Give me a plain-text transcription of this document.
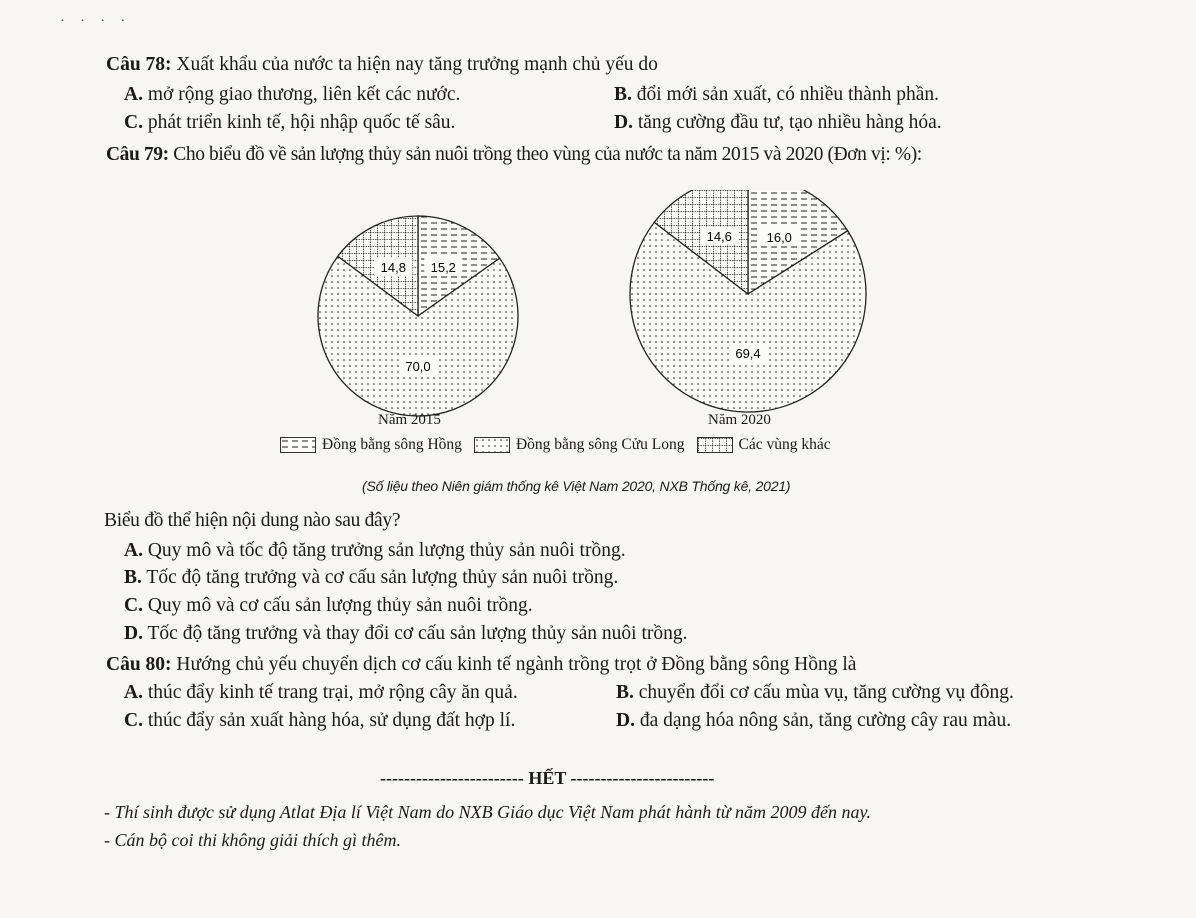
· · · ·
Câu 78: Xuất khẩu của nước ta hiện nay tăng trưởng mạnh chủ yếu do
A. mở rộng giao thương, liên kết các nước.	B. đổi mới sản xuất, có nhiều thành phần.
C. phát triển kinh tế, hội nhập quốc tế sâu.	D. tăng cường đầu tư, tạo nhiều hàng hóa.
Câu 79: Cho biểu đồ về sản lượng thủy sản nuôi trồng theo vùng của nước ta năm 2015 và 2020 (Đơn vị: %):
15,2
70,0
14,8
16,0
69,4
14,6
Năm 2015	Năm 2020
Đồng bằng sông Hồng	Đồng bằng sông Cửu Long	Các vùng khác
(Số liệu theo Niên giám thống kê Việt Nam 2020, NXB Thống kê, 2021)
Biểu đồ thể hiện nội dung nào sau đây?
A. Quy mô và tốc độ tăng trưởng sản lượng thủy sản nuôi trồng.
B. Tốc độ tăng trưởng và cơ cấu sản lượng thủy sản nuôi trồng.
C. Quy mô và cơ cấu sản lượng thủy sản nuôi trồng.
D. Tốc độ tăng trưởng và thay đổi cơ cấu sản lượng thủy sản nuôi trồng.
Câu 80: Hướng chủ yếu chuyển dịch cơ cấu kinh tế ngành trồng trọt ở Đồng bằng sông Hồng là
A. thúc đẩy kinh tế trang trại, mở rộng cây ăn quả.	B. chuyển đổi cơ cấu mùa vụ, tăng cường vụ đông.
C. thúc đẩy sản xuất hàng hóa, sử dụng đất hợp lí.	D. đa dạng hóa nông sản, tăng cường cây rau màu.
------------------------ HẾT ------------------------
- Thí sinh được sử dụng Atlat Địa lí Việt Nam do NXB Giáo dục Việt Nam phát hành từ năm 2009 đến nay.
- Cán bộ coi thi không giải thích gì thêm.
